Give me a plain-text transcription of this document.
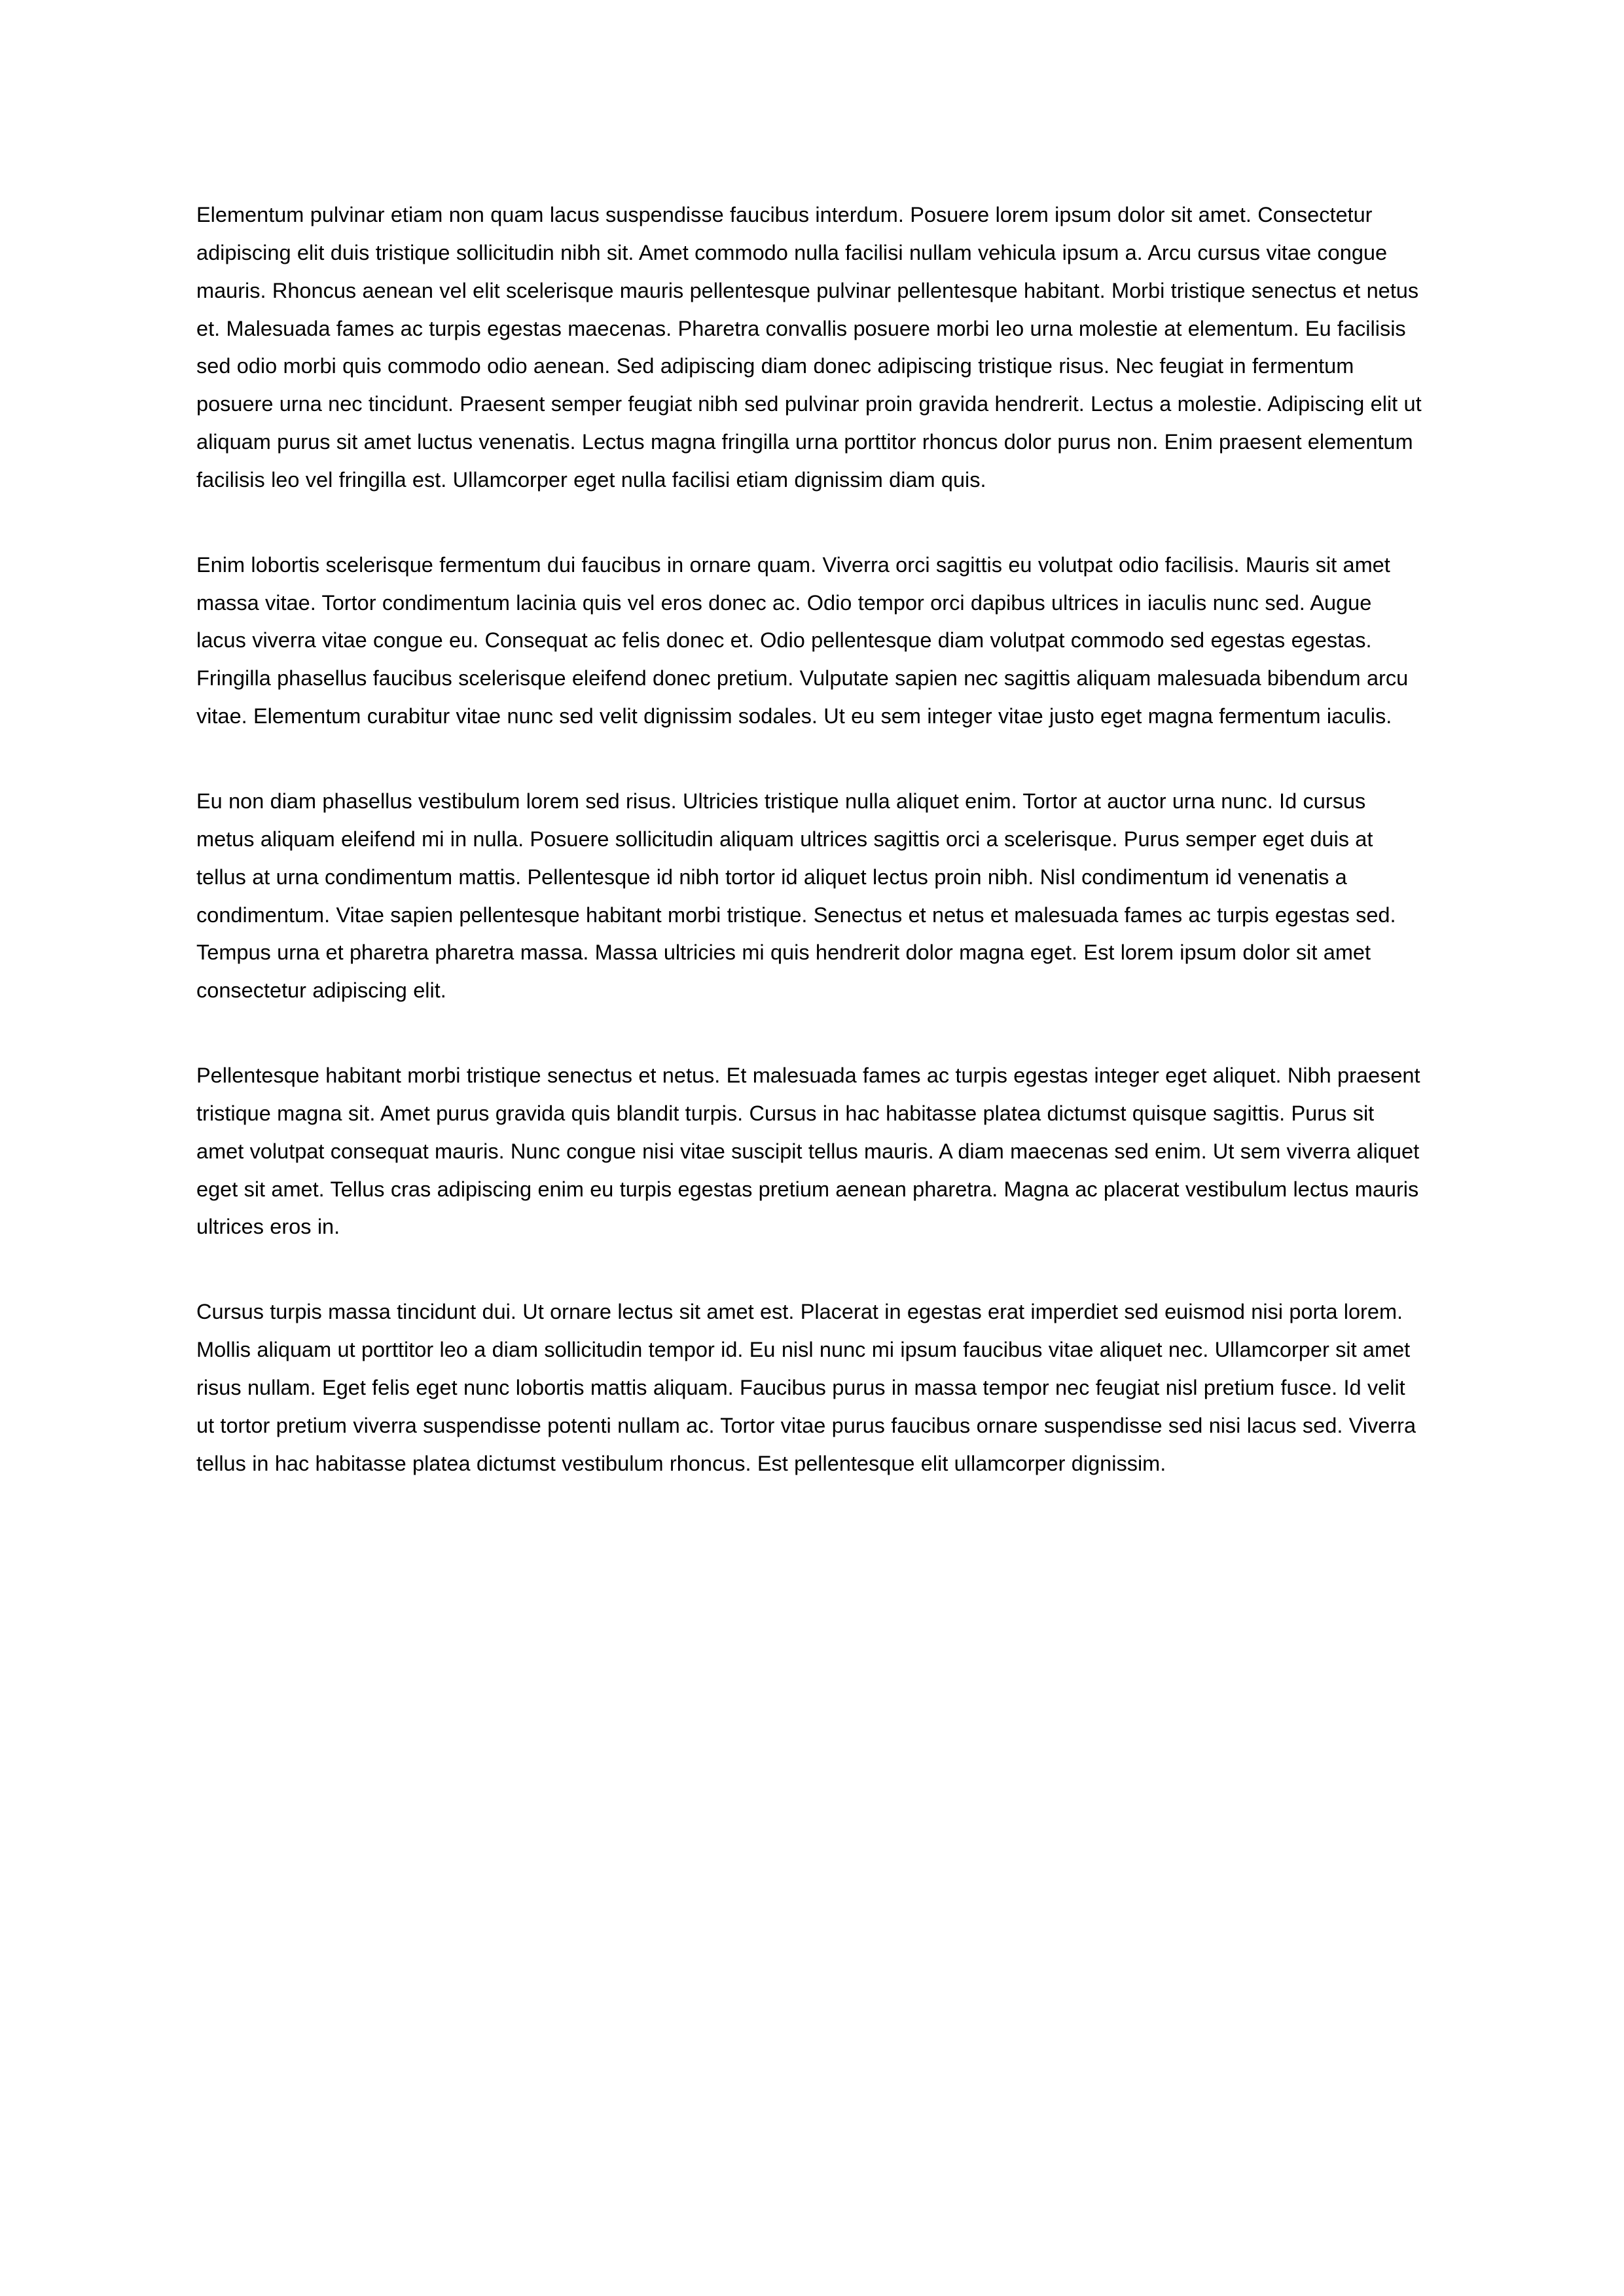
Elementum pulvinar etiam non quam lacus suspendisse faucibus interdum. Posuere lorem ipsum dolor sit amet. Consectetur adipiscing elit duis tristique sollicitudin nibh sit. Amet commodo nulla facilisi nullam vehicula ipsum a. Arcu cursus vitae congue mauris. Rhoncus aenean vel elit scelerisque mauris pellentesque pulvinar pellentesque habitant. Morbi tristique senectus et netus et. Malesuada fames ac turpis egestas maecenas. Pharetra convallis posuere morbi leo urna molestie at elementum. Eu facilisis sed odio morbi quis commodo odio aenean. Sed adipiscing diam donec adipiscing tristique risus. Nec feugiat in fermentum posuere urna nec tincidunt. Praesent semper feugiat nibh sed pulvinar proin gravida hendrerit. Lectus a molestie. Adipiscing elit ut aliquam purus sit amet luctus venenatis. Lectus magna fringilla urna porttitor rhoncus dolor purus non. Enim praesent elementum facilisis leo vel fringilla est. Ullamcorper eget nulla facilisi etiam dignissim diam quis.

Enim lobortis scelerisque fermentum dui faucibus in ornare quam. Viverra orci sagittis eu volutpat odio facilisis. Mauris sit amet massa vitae. Tortor condimentum lacinia quis vel eros donec ac. Odio tempor orci dapibus ultrices in iaculis nunc sed. Augue lacus viverra vitae congue eu. Consequat ac felis donec et. Odio pellentesque diam volutpat commodo sed egestas egestas. Fringilla phasellus faucibus scelerisque eleifend donec pretium. Vulputate sapien nec sagittis aliquam malesuada bibendum arcu vitae. Elementum curabitur vitae nunc sed velit dignissim sodales. Ut eu sem integer vitae justo eget magna fermentum iaculis.

Eu non diam phasellus vestibulum lorem sed risus. Ultricies tristique nulla aliquet enim. Tortor at auctor urna nunc. Id cursus metus aliquam eleifend mi in nulla. Posuere sollicitudin aliquam ultrices sagittis orci a scelerisque. Purus semper eget duis at tellus at urna condimentum mattis. Pellentesque id nibh tortor id aliquet lectus proin nibh. Nisl condimentum id venenatis a condimentum. Vitae sapien pellentesque habitant morbi tristique. Senectus et netus et malesuada fames ac turpis egestas sed. Tempus urna et pharetra pharetra massa. Massa ultricies mi quis hendrerit dolor magna eget. Est lorem ipsum dolor sit amet consectetur adipiscing elit.

Pellentesque habitant morbi tristique senectus et netus. Et malesuada fames ac turpis egestas integer eget aliquet. Nibh praesent tristique magna sit. Amet purus gravida quis blandit turpis. Cursus in hac habitasse platea dictumst quisque sagittis. Purus sit amet volutpat consequat mauris. Nunc congue nisi vitae suscipit tellus mauris. A diam maecenas sed enim. Ut sem viverra aliquet eget sit amet. Tellus cras adipiscing enim eu turpis egestas pretium aenean pharetra. Magna ac placerat vestibulum lectus mauris ultrices eros in.

Cursus turpis massa tincidunt dui. Ut ornare lectus sit amet est. Placerat in egestas erat imperdiet sed euismod nisi porta lorem. Mollis aliquam ut porttitor leo a diam sollicitudin tempor id. Eu nisl nunc mi ipsum faucibus vitae aliquet nec. Ullamcorper sit amet risus nullam. Eget felis eget nunc lobortis mattis aliquam. Faucibus purus in massa tempor nec feugiat nisl pretium fusce. Id velit ut tortor pretium viverra suspendisse potenti nullam ac. Tortor vitae purus faucibus ornare suspendisse sed nisi lacus sed. Viverra tellus in hac habitasse platea dictumst vestibulum rhoncus. Est pellentesque elit ullamcorper dignissim.
